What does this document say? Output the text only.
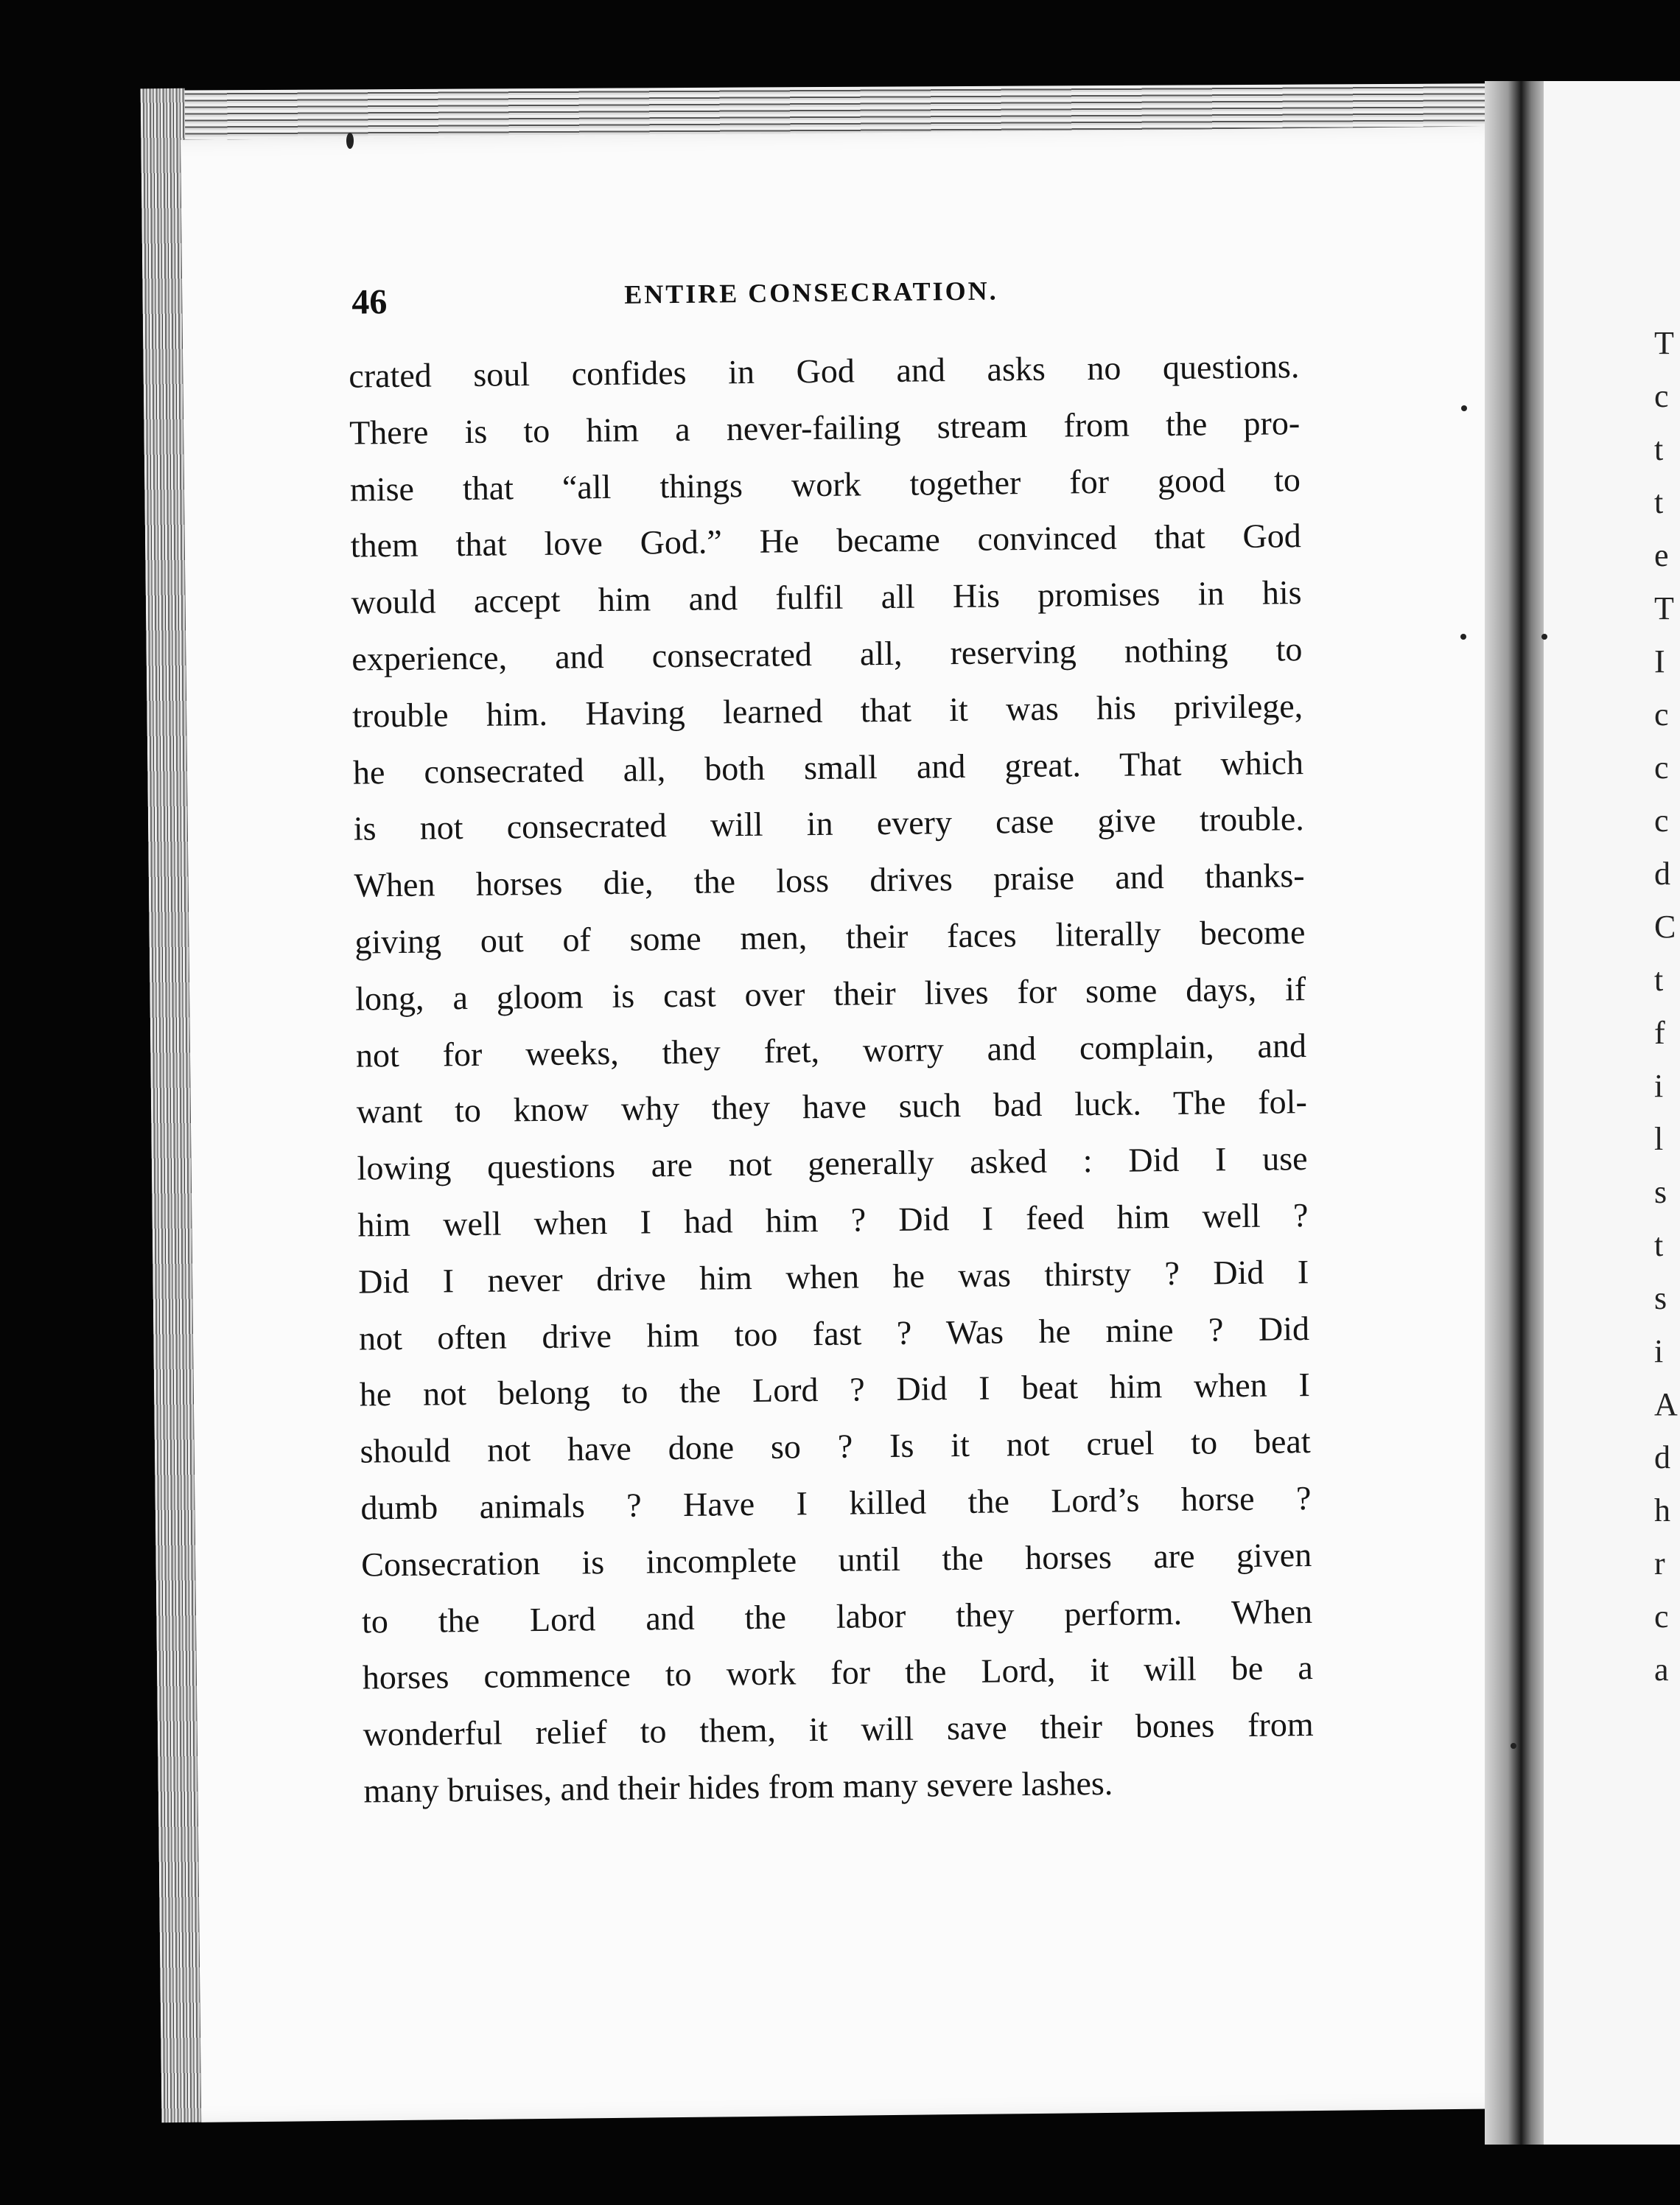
46	ENTIRE CONSECRATION.
crated soul confides in God and asks no questions.
There is to him a never-failing stream from the pro-
mise that “all things work together for good to
them that love God.” He became convinced that God
would accept him and fulfil all His promises in his
experience, and consecrated all, reserving nothing to
trouble him. Having learned that it was his privilege,
he consecrated all, both small and great. That which
is not consecrated will in every case give trouble.
When horses die, the loss drives praise and thanks-
giving out of some men, their faces literally become
long, a gloom is cast over their lives for some days, if
not for weeks, they fret, worry and complain, and
want to know why they have such bad luck. The fol-
lowing questions are not generally asked : Did I use
him well when I had him ? Did I feed him well ?
Did I never drive him when he was thirsty ? Did I
not often drive him too fast ? Was he mine ? Did
he not belong to the Lord ? Did I beat him when I
should not have done so ? Is it not cruel to beat
dumb animals ? Have I killed the Lord’s horse ?
Consecration is incomplete until the horses are given
to the Lord and the labor they perform. When
horses commence to work for the Lord, it will be a
wonderful relief to them, it will save their bones from
many bruises, and their hides from many severe lashes.
T
c
t
t
e
T
I
c
c
c
d
C
t
f
i
l
s
t
s
i
A
d
h
r
c
a
